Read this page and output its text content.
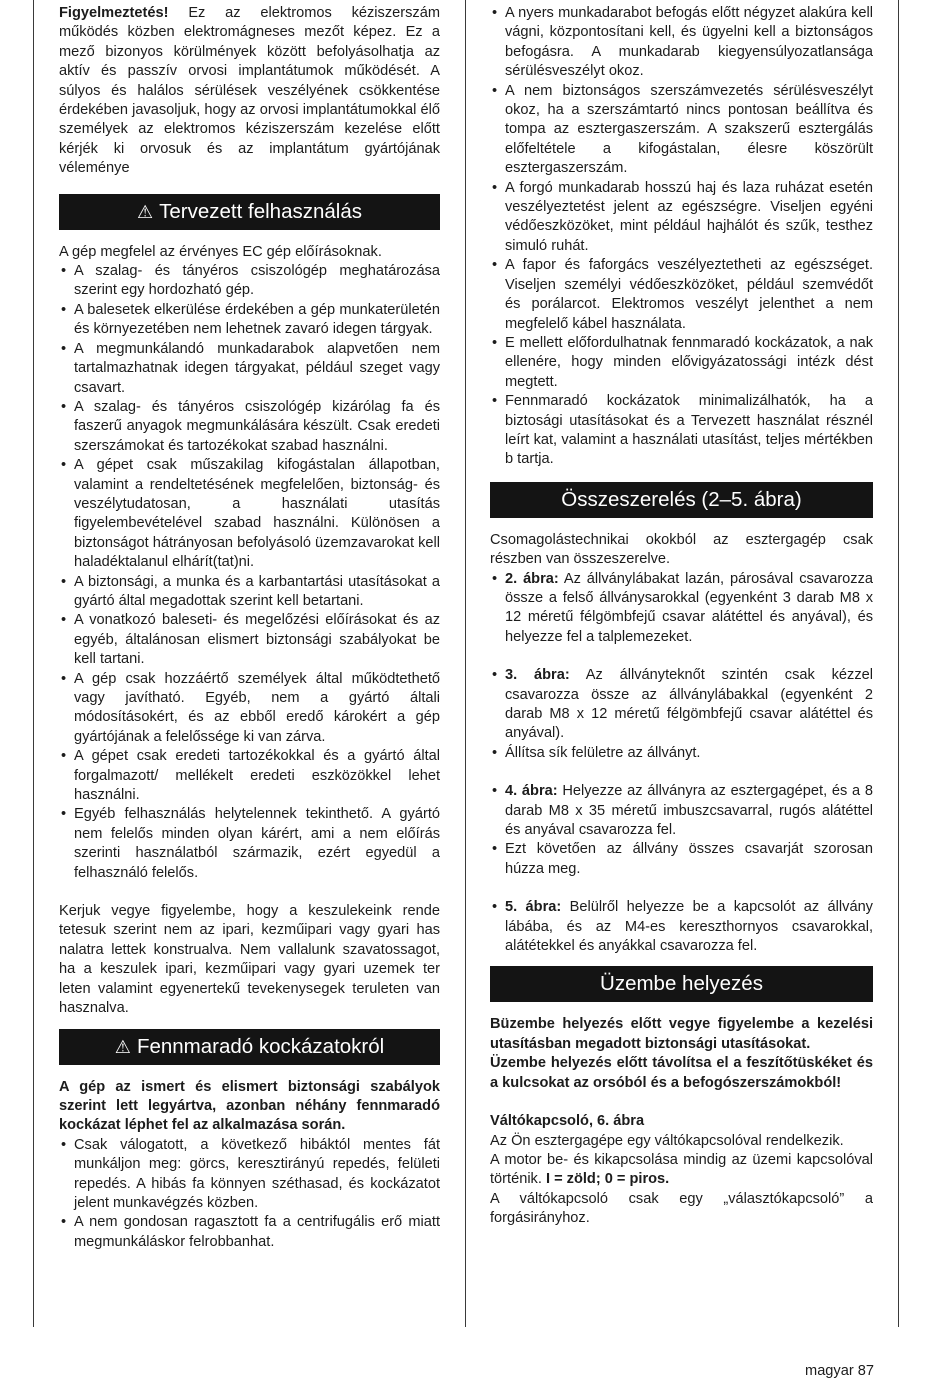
Figyelmeztetés! Ez az elektromos kéziszerszám működés közben elektromágneses mezőt képez. Ez a mező bizonyos körülmények között befolyásolhatja az aktív és passzív orvosi implantátumok működését. A súlyos és halálos sérülések veszélyének csökkentése érdekében javasoljuk, hogy az orvosi implantátumokkal élő személyek az elektromos kéziszerszám kezelése előtt kérjék ki orvosuk és az implantátum gyártójának véleménye

⚠ Tervezett felhasználás

A gép megfelel az érvényes EC gép előírásoknak.

• A szalag- és tányéros csiszológép meghatározása szerint egy hordozható gép.
• A balesetek elkerülése érdekében a gép munkaterületén és környezetében nem lehetnek zavaró idegen tárgyak.
• A megmunkálandó munkadarabok alapvetően nem tartalmazhatnak idegen tárgyakat, például szeget vagy csavart.
• A szalag- és tányéros csiszológép kizárólag fa és faszerű anyagok megmunkálására készült. Csak eredeti szerszámokat és tartozékokat szabad használni.
• A gépet csak műszakilag kifogástalan állapotban, valamint a rendeltetésének megfelelően, biztonság- és veszélytudatosan, a használati utasítás figyelembevételével szabad használni. Különösen a biztonságot hátrányosan befolyásoló üzemzavarokat kell haladéktalanul elhárít(tat)ni.
• A biztonsági, a munka és a karbantartási utasításokat a gyártó által megadottak szerint kell betartani.
• A vonatkozó baleseti- és megelőzési előírásokat és az egyéb, általánosan elismert biztonsági szabályokat be kell tartani.
• A gép csak hozzáértő személyek által működtethető vagy javítható. Egyéb, nem a gyártó általi módosításokért, és az ebből eredő károkért a gép gyártójának a felelőssége ki van zárva.
• A gépet csak eredeti tartozékokkal és a gyártó által forgalmazott/ mellékelt eredeti eszközökkel lehet használni.
• Egyéb felhasználás helytelennek tekinthető. A gyártó nem felelős minden olyan kárért, ami a nem előírás szerinti használatból származik, ezért egyedül a felhasználó felelős.

Kerjuk vegye figyelembe, hogy a keszulekeink rende tetesuk szerint nem az ipari, kezműipari vagy gyari has nalatra lettek konstrualva. Nem vallalunk szavatossagot, ha a keszulek ipari, kezműipari vagy gyari uzemek ter leten valamint egyenertekű tevekenysegek teruleten van hasznalva.

⚠ Fennmaradó kockázatokról

A gép az ismert és elismert biztonsági szabályok szerint lett legyártva, azonban néhány fennmaradó kockázat léphet fel az alkalmazása során.

• Csak válogatott, a következő hibáktól mentes fát munkáljon meg: görcs, keresztirányú repedés, felületi repedés. A hibás fa könnyen széthasad, és kockázatot jelent munkavégzés közben.
• A nem gondosan ragasztott fa a centrifugális erő miatt megmunkáláskor felrobbanhat.
• A nyers munkadarabot befogás előtt négyzet alakúra kell vágni, központosítani kell, és ügyelni kell a biztonságos befogásra. A munkadarab kiegyensúlyozatlansága sérülésveszélyt okoz.
• A nem biztonságos szerszámvezetés sérülésveszélyt okoz, ha a szerszámtartó nincs pontosan beállítva és tompa az esztergaszerszám. A szakszerű esztergálás előfeltétele a kifogástalan, élesre köszörült esztergaszerszám.
• A forgó munkadarab hosszú haj és laza ruházat esetén veszélyeztetést jelent az egészségre. Viseljen egyéni védőeszközöket, mint például hajhálót és szűk, testhez simuló ruhát.
• A fapor és faforgács veszélyeztetheti az egészséget. Viseljen személyi védőeszközöket, például szemvédőt és porálarcot. Elektromos veszélyt jelenthet a nem megfelelő kábel használata.
• E mellett előfordulhatnak fennmaradó kockázatok, a nak ellenére, hogy minden elővigyázatossági intézk dést megtett.
• Fennmaradó kockázatok minimalizálhatók, ha a biztosági utasításokat és a Tervezett használat résznél leírt kat, valamint a használati utasítást, teljes mértékben b tartja.
Összeszerelés (2–5. ábra)

Csomagolástechnikai okokból az esztergagép csak részben van összeszerelve.

• 2. ábra: Az állványlábakat lazán, párosával csavarozza össze a felső állványsarokkal (egyenként 3 darab M8 x 12 méretű félgömbfejű csavar alátéttel és anyával), és helyezze fel a talplemezeket.
• 3. ábra: Az állványteknőt szintén csak kézzel csavarozza össze az állványlábakkal (egyenként 2 darab M8 x 12 méretű félgömbfejű csavar alátéttel és anyával).
• Állítsa sík felületre az állványt.
• 4. ábra: Helyezze az állványra az esztergagépet, és a 8 darab M8 x 35 méretű imbuszcsavarral, rugós alátéttel és anyával csavarozza fel.
• Ezt követően az állvány összes csavarját szorosan húzza meg.
• 5. ábra: Belülről helyezze be a kapcsolót az állvány lábába, és az M4-es kereszthornyos csavarokkal, alátétekkel és anyákkal csavarozza fel.
Üzembe helyezés

Büzembe helyezés előtt vegye figyelembe a kezelési utasításban megadott biztonsági utasításokat.

Üzembe helyezés előtt távolítsa el a feszítőtüskéket és a kulcsokat az orsóból és a befogószerszámokból!

Váltókapcsoló, 6. ábra

Az Ön esztergagépe egy váltókapcsolóval rendelkezik.

A motor be- és kikapcsolása mindig az üzemi kapcsolóval történik. I = zöld; 0 = piros.

A váltókapcsoló csak egy „választókapcsoló” a forgásirányhoz.

magyar 87
